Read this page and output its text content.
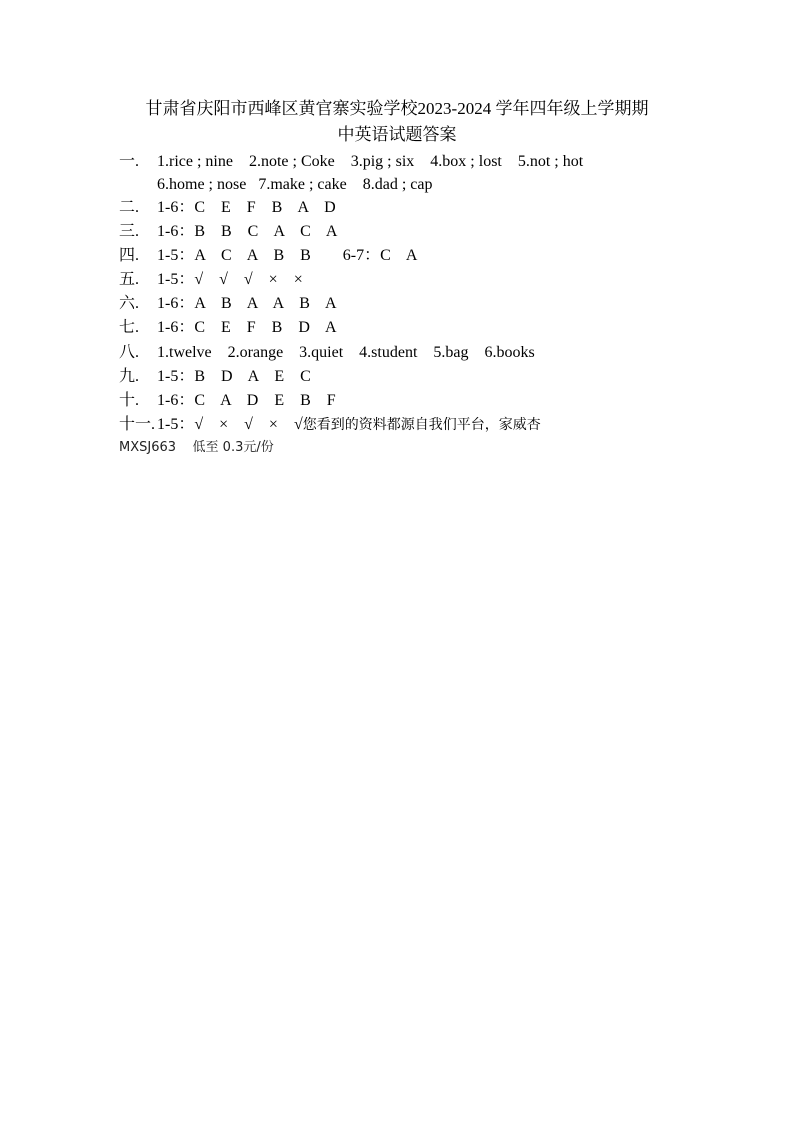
甘肃省庆阳市西峰区黄官寨实验学校2023-2024 学年四年级上学期期
中英语试题答案
一. 1.rice ; nine    2.note ; Coke    3.pig ; six    4.box ; lost    5.not ; hot
6.home ; nose   7.make ; cake    8.dad ; cap
二. 1-6：C    E    F    B    A    D
三. 1-6：B    B    C    A    C    A
四. 1-5：A    C    A    B    B        6-7：C    A
五. 1-5：√    √    √    ×    ×
六. 1-6：A    B    A    A    B    A
七. 1-6：C    E    F    B    D    A
八. 1.twelve    2.orange    3.quiet    4.student    5.bag    6.books
九. 1-5：B    D    A    E    C
十. 1-6：C    A    D    E    B    F
十一. 1-5：√    ×    √    ×    √您看到的资料都源自我们平台，家威杏
MXSJ663    低至 0.3元/份
